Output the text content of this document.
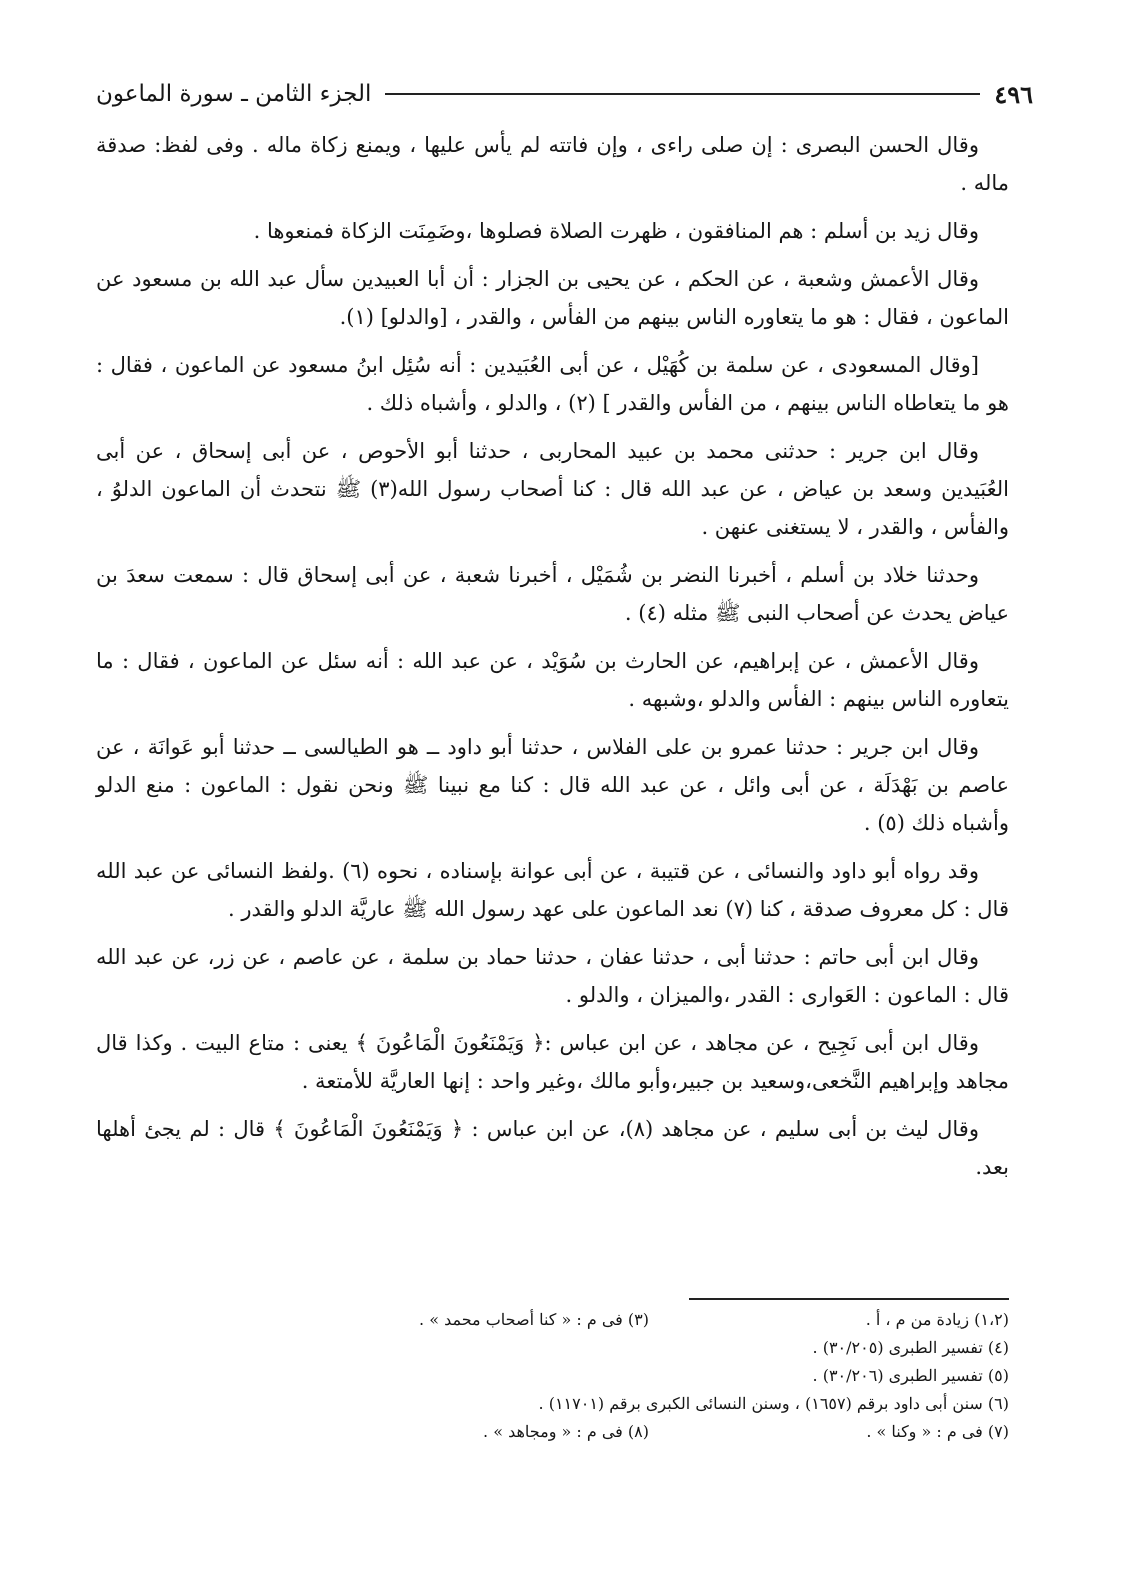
٤٩٦
الجزء الثامن ـ سورة الماعون

وقال الحسن البصرى : إن صلى راءى ، وإن فاتته لم يأس عليها ، ويمنع زكاة ماله . وفى لفظ: صدقة ماله .

وقال زيد بن أسلم : هم المنافقون ، ظهرت الصلاة فصلوها ،وضَمِنَت الزكاة فمنعوها .

وقال الأعمش وشعبة ، عن الحكم ، عن يحيى بن الجزار : أن أبا العبيدين سأل عبد الله بن مسعود عن الماعون ، فقال : هو ما يتعاوره الناس بينهم من الفأس ، والقدر ، [والدلو] (١).

[وقال المسعودى ، عن سلمة بن كُهَيْل ، عن أبى العُبَيدين : أنه سُئِل ابنُ مسعود عن الماعون ، فقال : هو ما يتعاطاه الناس بينهم ، من الفأس والقدر ] (٢) ، والدلو ، وأشباه ذلك .

وقال ابن جرير : حدثنى محمد بن عبيد المحاربى ، حدثنا أبو الأحوص ، عن أبى إسحاق ، عن أبى العُبَيدين وسعد بن عياض ، عن عبد الله قال : كنا أصحاب رسول الله(٣) ﷺ نتحدث أن الماعون الدلوُ ، والفأس ، والقدر ، لا يستغنى عنهن .

وحدثنا خلاد بن أسلم ، أخبرنا النضر بن شُمَيْل ، أخبرنا شعبة ، عن أبى إسحاق قال : سمعت سعدَ بن عياض يحدث عن أصحاب النبى ﷺ مثله (٤) .

وقال الأعمش ، عن إبراهيم، عن الحارث بن سُوَيْد ، عن عبد الله : أنه سئل عن الماعون ، فقال : ما يتعاوره الناس بينهم : الفأس والدلو ،وشبهه .

وقال ابن جرير : حدثنا عمرو بن على الفلاس ، حدثنا أبو داود ــ هو الطيالسى ــ حدثنا أبو عَوانَة ، عن عاصم بن بَهْدَلَة ، عن أبى وائل ، عن عبد الله قال : كنا مع نبينا ﷺ ونحن نقول : الماعون : منع الدلو وأشباه ذلك (٥) .

وقد رواه أبو داود والنسائى ، عن قتيبة ، عن أبى عوانة بإسناده ، نحوه (٦) .ولفظ النسائى عن عبد الله قال : كل معروف صدقة ، كنا (٧) نعد الماعون على عهد رسول الله ﷺ عاريَّة الدلو والقدر .

وقال ابن أبى حاتم : حدثنا أبى ، حدثنا عفان ، حدثنا حماد بن سلمة ، عن عاصم ، عن زر، عن عبد الله قال : الماعون : العَوارى : القدر ،والميزان ، والدلو .

وقال ابن أبى نَجِيح ، عن مجاهد ، عن ابن عباس :﴿ وَيَمْنَعُونَ الْمَاعُونَ ﴾ يعنى : متاع البيت . وكذا قال مجاهد وإبراهيم النَّخعى،وسعيد بن جبير،وأبو مالك ،وغير واحد : إنها العاريَّة للأمتعة .

وقال ليث بن أبى سليم ، عن مجاهد (٨)، عن ابن عباس : ﴿ وَيَمْنَعُونَ الْمَاعُونَ ﴾ قال : لم يجئ أهلها بعد.

(١،٢) زيادة من م ، أ .
(٣) فى م : « كنا أصحاب محمد » .
(٤) تفسير الطبرى (٣٠/٢٠٥) .
(٥) تفسير الطبرى (٣٠/٢٠٦) .
(٦) سنن أبى داود برقم (١٦٥٧) ، وسنن النسائى الكبرى برقم (١١٧٠١) .
(٧) فى م : « وكنا » .
(٨) فى م : « ومجاهد » .
